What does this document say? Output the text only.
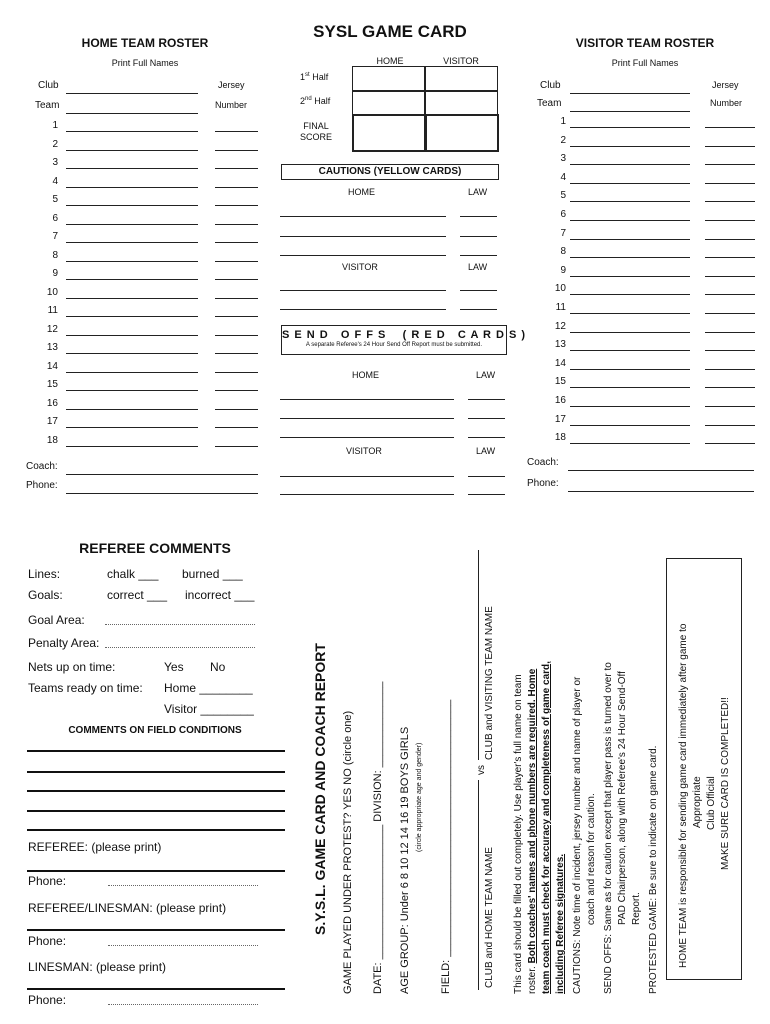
SYSL GAME CARD
HOME TEAM ROSTER
Print Full Names
Club
Team
Jersey
Number
1
2
3
4
5
6
7
8
9
10
11
12
13
14
15
16
17
18
Coach:
Phone:
VISITOR TEAM ROSTER
Print Full Names
Club
Team
Jersey
Number
1
2
3
4
5
6
7
8
9
10
11
12
13
14
15
16
17
18
Coach:
Phone:
HOME	VISITOR
1st Half
2nd Half
FINAL
SCORE
CAUTIONS (YELLOW CARDS)
HOME	LAW
VISITOR	LAW
S E N D   O F F S    ( R E D   C A R D S )
A separate Referee's 24 Hour Send Off Report must be submitted.
HOME	LAW
VISITOR	LAW
REFEREE COMMENTS
Lines:	chalk ___ burned ___
Goals:	correct ___ incorrect ___
Goal Area:
Penalty Area:
Nets up on time:	Yes No
Teams ready on time: Home ________
Visitor ________
COMMENTS ON FIELD CONDITIONS
REFEREE: (please print)
Phone:
REFEREE/LINESMAN: (please print)
Phone:
LINESMAN: (please print)
Phone:
S.Y.S.L. GAME CARD AND COACH REPORT GAME PLAYED UNDER PROTEST? YES NO (circle one) DATE: ______________________ DIVISION: ______________ AGE GROUP: Under 6 8 10 12 14 16 19 BOYS GIRLS (circle appropriate age and gender) FIELD: __________________________________________	CLUB and HOME TEAM NAME
vs
CLUB and VISITING TEAM NAME This card should be filled out completely. Use player's full name on team roster. Both coaches' names and phone numbers are required. Home team coach must check for accuracy and completeness of game card, including Referee signatures. CAUTIONS: Note time of incident, jersey number and name of player or coach and reason for caution. SEND OFFS: Same as for caution except that player pass is turned over to PAD Chairperson, along with Referee's 24 Hour Send-Off Report. PROTESTED GAME: Be sure to indicate on game card. HOME TEAM is responsible for sending game card immediately after game to Appropriate Club Official MAKE SURE CARD IS COMPLETED!!
